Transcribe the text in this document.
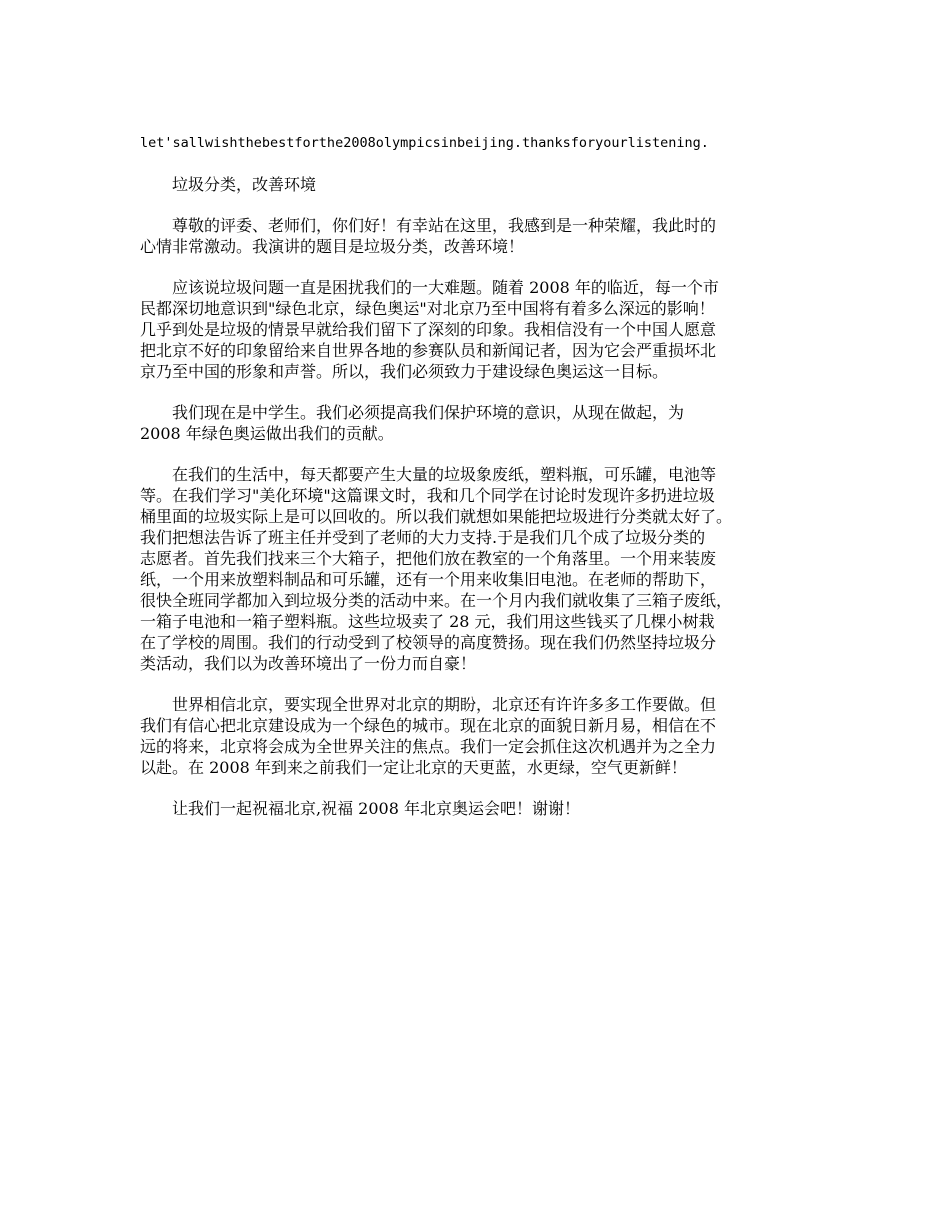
let'sallwishthebestforthe2008olympicsinbeijing.thanksforyourlistening.

　　垃圾分类，改善环境

　　尊敬的评委、老师们，你们好！有幸站在这里，我感到是一种荣耀，我此时的
心情非常激动。我演讲的题目是垃圾分类，改善环境！

　　应该说垃圾问题一直是困扰我们的一大难题。随着 2008 年的临近，每一个市
民都深切地意识到"绿色北京，绿色奥运"对北京乃至中国将有着多么深远的影响！
几乎到处是垃圾的情景早就给我们留下了深刻的印象。我相信没有一个中国人愿意
把北京不好的印象留给来自世界各地的参赛队员和新闻记者，因为它会严重损坏北
京乃至中国的形象和声誉。所以，我们必须致力于建设绿色奥运这一目标。

　　我们现在是中学生。我们必须提高我们保护环境的意识，从现在做起，为
2008 年绿色奥运做出我们的贡献。

　　在我们的生活中，每天都要产生大量的垃圾象废纸，塑料瓶，可乐罐，电池等
等。在我们学习"美化环境"这篇课文时，我和几个同学在讨论时发现许多扔进垃圾
桶里面的垃圾实际上是可以回收的。所以我们就想如果能把垃圾进行分类就太好了。
我们把想法告诉了班主任并受到了老师的大力支持.于是我们几个成了垃圾分类的
志愿者。首先我们找来三个大箱子，把他们放在教室的一个角落里。一个用来装废
纸，一个用来放塑料制品和可乐罐，还有一个用来收集旧电池。在老师的帮助下，
很快全班同学都加入到垃圾分类的活动中来。在一个月内我们就收集了三箱子废纸，
一箱子电池和一箱子塑料瓶。这些垃圾卖了 28 元，我们用这些钱买了几棵小树栽
在了学校的周围。我们的行动受到了校领导的高度赞扬。现在我们仍然坚持垃圾分
类活动，我们以为改善环境出了一份力而自豪！

　　世界相信北京，要实现全世界对北京的期盼，北京还有许许多多工作要做。但
我们有信心把北京建设成为一个绿色的城市。现在北京的面貌日新月易，相信在不
远的将来，北京将会成为全世界关注的焦点。我们一定会抓住这次机遇并为之全力
以赴。在 2008 年到来之前我们一定让北京的天更蓝，水更绿，空气更新鲜！

　　让我们一起祝福北京,祝福 2008 年北京奥运会吧！谢谢！
